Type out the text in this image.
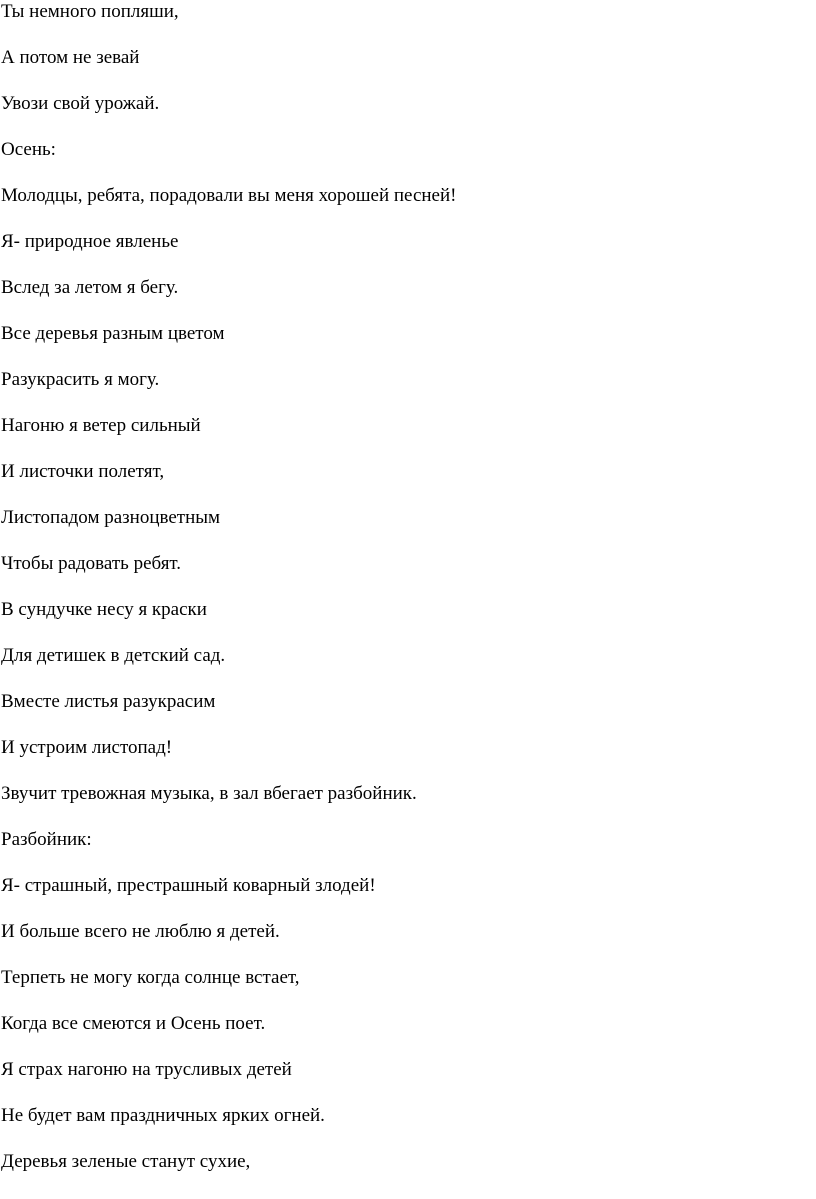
Ты немного попляши,

А потом не зевай

Увози свой урожай.

Осень:

Молодцы, ребята, порадовали вы меня хорошей песней!

Я- природное явленье

Вслед за летом я бегу.

Все деревья разным цветом

Разукрасить я могу.

Нагоню я ветер сильный

И листочки полетят,

Листопадом разноцветным

Чтобы радовать ребят.

В сундучке несу я краски

Для детишек в детский сад.

Вместе листья разукрасим

И устроим листопад!

Звучит тревожная музыка, в зал вбегает разбойник.

Разбойник:

Я- страшный, престрашный коварный злодей!

И больше всего не люблю я детей.

Терпеть не могу когда солнце встает,

Когда все смеются и Осень поет.

Я страх нагоню на трусливых детей

Не будет вам праздничных ярких огней.

Деревья зеленые станут сухие,
